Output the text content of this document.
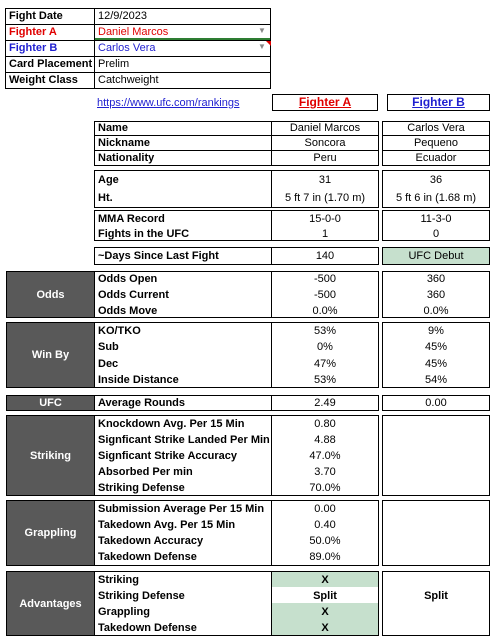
Fight Date	12/9/2023
Fighter A	Daniel Marcos	▼
Fighter B	Carlos Vera	▼
Card Placement Prelim
Weight Class Catchweight
https://www.ufc.com/rankings	Fighter A	Fighter B
Name	Daniel Marcos	Carlos Vera
Nickname	Soncora	Pequeno
Nationality	Peru	Ecuador
Age	31	36
Ht.	5 ft 7 in (1.70 m)	5 ft 6 in (1.68 m)
MMA Record	15-0-0	11-3-0
Fights in the UFC	1	0
~Days Since Last Fight	140	UFC Debut
Odds
Odds Open	-500	360
Odds Current	-500	360
Odds Move	0.0%	0.0%
Win By
KO/TKO	53%	9%
Sub	0%	45%
Dec	47%	45%
Inside Distance	53%	54%
UFC	Average Rounds	2.49	0.00
Striking
Knockdown Avg. Per 15 Min	0.80
Signficant Strike Landed Per Min	4.88
Signficant Strike Accuracy	47.0%
Absorbed Per min	3.70
Striking Defense	70.0%
Grappling
Submission Average Per 15 Min	0.00
Takedown Avg. Per 15 Min	0.40
Takedown Accuracy	50.0%
Takedown Defense	89.0%
Advantages
Striking	X
Striking Defense	Split
Grappling	X
Takedown Defense	X
Split
